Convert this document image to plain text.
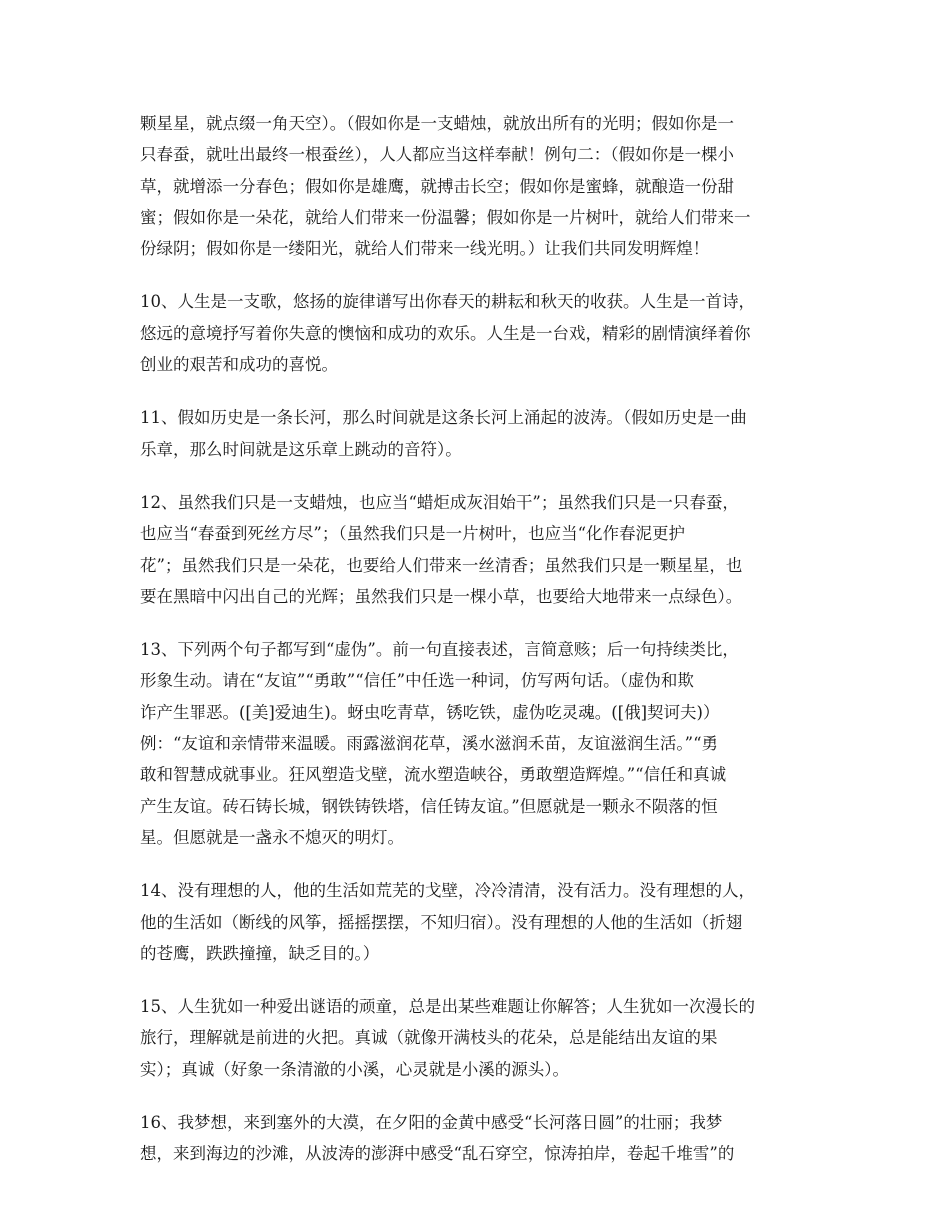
颗星星，就点缀一角天空）。（假如你是一支蜡烛，就放出所有的光明；假如你是一
只春蚕，就吐出最终一根蚕丝），人人都应当这样奉献！例句二：（假如你是一棵小
草，就增添一分春色；假如你是雄鹰，就搏击长空；假如你是蜜蜂，就酿造一份甜
蜜；假如你是一朵花，就给人们带来一份温馨；假如你是一片树叶，就给人们带来一
份绿阴；假如你是一缕阳光，就给人们带来一线光明。）让我们共同发明辉煌！
10、人生是一支歌，悠扬的旋律谱写出你春天的耕耘和秋天的收获。人生是一首诗，
悠远的意境抒写着你失意的懊恼和成功的欢乐。人生是一台戏，精彩的剧情演绎着你
创业的艰苦和成功的喜悦。
11、假如历史是一条长河，那么时间就是这条长河上涌起的波涛。（假如历史是一曲
乐章，那么时间就是这乐章上跳动的音符）。
12、虽然我们只是一支蜡烛，也应当“蜡炬成灰泪始干”；虽然我们只是一只春蚕，
也应当“春蚕到死丝方尽”；（虽然我们只是一片树叶，也应当“化作春泥更护
花”；虽然我们只是一朵花，也要给人们带来一丝清香；虽然我们只是一颗星星，也
要在黑暗中闪出自己的光辉；虽然我们只是一棵小草，也要给大地带来一点绿色）。
13、下列两个句子都写到“虚伪”。前一句直接表述，言简意赅；后一句持续类比，
形象生动。请在“友谊”“勇敢”“信任”中任选一种词，仿写两句话。（虚伪和欺
诈产生罪恶。([美]爱迪生)。蚜虫吃青草，锈吃铁，虚伪吃灵魂。([俄]契诃夫)）
例：“友谊和亲情带来温暖。雨露滋润花草，溪水滋润禾苗，友谊滋润生活。”“勇
敢和智慧成就事业。狂风塑造戈壁，流水塑造峡谷，勇敢塑造辉煌。”“信任和真诚
产生友谊。砖石铸长城，钢铁铸铁塔，信任铸友谊。”但愿就是一颗永不陨落的恒
星。但愿就是一盏永不熄灭的明灯。
14、没有理想的人，他的生活如荒芜的戈壁，冷冷清清，没有活力。没有理想的人，
他的生活如（断线的风筝，摇摇摆摆，不知归宿）。没有理想的人他的生活如（折翅
的苍鹰，跌跌撞撞，缺乏目的。）
15、人生犹如一种爱出谜语的顽童，总是出某些难题让你解答；人生犹如一次漫长的
旅行，理解就是前进的火把。真诚（就像开满枝头的花朵，总是能结出友谊的果
实）；真诚（好象一条清澈的小溪，心灵就是小溪的源头）。
16、我梦想，来到塞外的大漠，在夕阳的金黄中感受“长河落日圆”的壮丽；我梦
想，来到海边的沙滩，从波涛的澎湃中感受“乱石穿空，惊涛拍岸，卷起千堆雪”的
